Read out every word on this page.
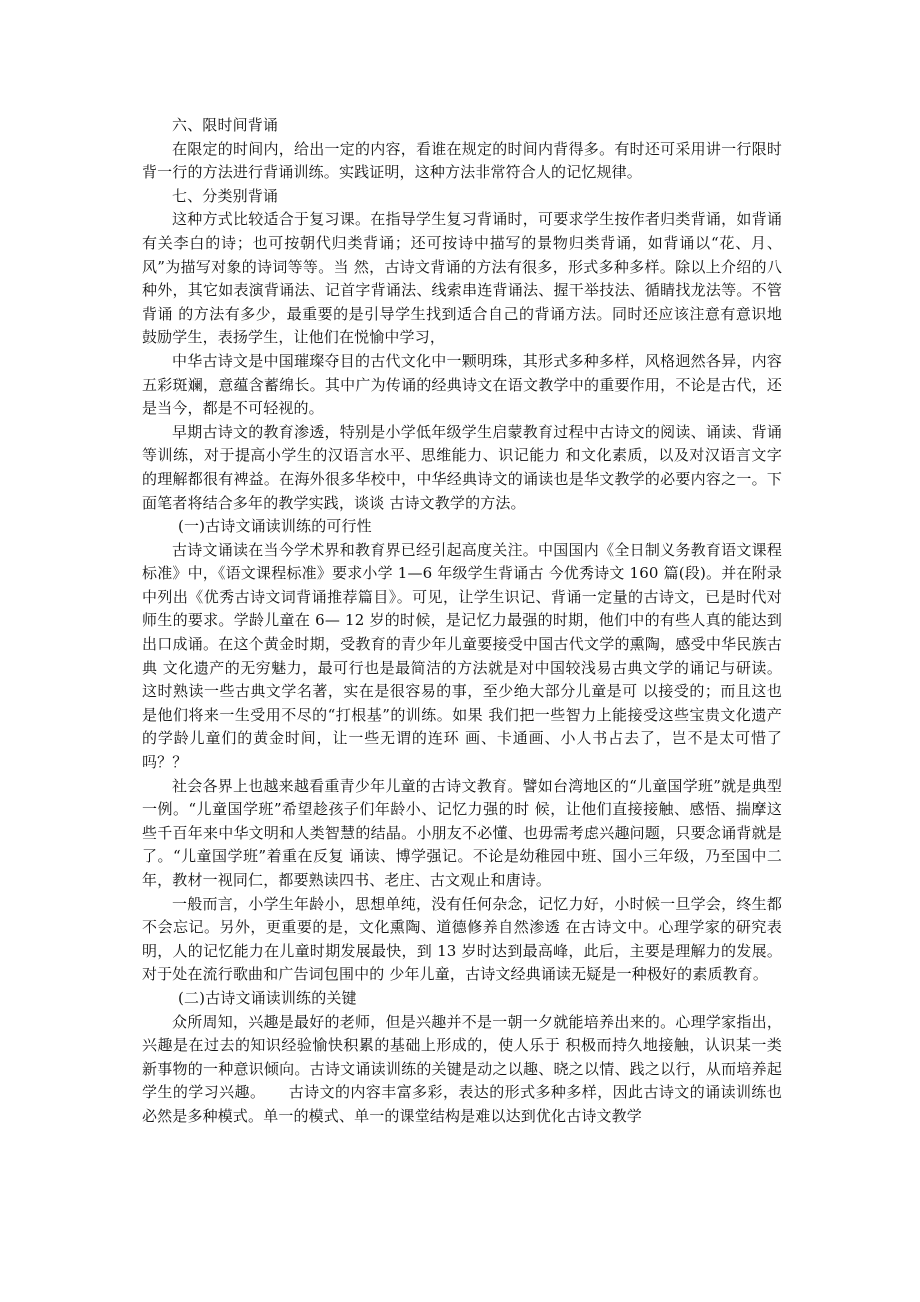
六、限时间背诵

在限定的时间内，给出一定的内容，看谁在规定的时间内背得多。有时还可采用讲一行限时背一行的方法进行背诵训练。实践证明，这种方法非常符合人的记忆规律。

七、分类别背诵

这种方式比较适合于复习课。在指导学生复习背诵时，可要求学生按作者归类背诵，如背诵有关李白的诗；也可按朝代归类背诵；还可按诗中描写的景物归类背诵，如背诵以“花、月、风”为描写对象的诗词等等。当 然，古诗文背诵的方法有很多，形式多种多样。除以上介绍的八种外，其它如表演背诵法、记首字背诵法、线索串连背诵法、握干举技法、循睛找龙法等。不管背诵 的方法有多少，最重要的是引导学生找到适合自己的背诵方法。同时还应该注意有意识地鼓励学生，表扬学生，让他们在悦愉中学习，

中华古诗文是中国璀璨夺目的古代文化中一颗明珠，其形式多种多样，风格迥然各异，内容五彩斑斓，意蕴含蓄绵长。其中广为传诵的经典诗文在语文教学中的重要作用，不论是古代，还是当今，都是不可轻视的。

早期古诗文的教育渗透，特别是小学低年级学生启蒙教育过程中古诗文的阅读、诵读、背诵等训练，对于提高小学生的汉语言水平、思维能力、识记能力 和文化素质，以及对汉语言文字的理解都很有裨益。在海外很多华校中，中华经典诗文的诵读也是华文教学的必要内容之一。下面笔者将结合多年的教学实践，谈谈 古诗文教学的方法。

(一)古诗文诵读训练的可行性

古诗文诵读在当今学术界和教育界已经引起高度关注。中国国内《全日制义务教育语文课程标准》中，《语文课程标准》要求小学 1—6 年级学生背诵古 今优秀诗文 160 篇(段)。并在附录中列出《优秀古诗文词背诵推荐篇目》。可见，让学生识记、背诵一定量的古诗文，已是时代对师生的要求。学龄儿童在 6— 12 岁的时候，是记忆力最强的时期，他们中的有些人真的能达到出口成诵。在这个黄金时期，受教育的青少年儿童要接受中国古代文学的熏陶，感受中华民族古典 文化遗产的无穷魅力，最可行也是最简洁的方法就是对中国较浅易古典文学的诵记与研读。这时熟读一些古典文学名著，实在是很容易的事，至少绝大部分儿童是可 以接受的；而且这也是他们将来一生受用不尽的“打根基”的训练。如果 我们把一些智力上能接受这些宝贵文化遗产的学龄儿童们的黄金时间，让一些无谓的连环 画、卡通画、小人书占去了，岂不是太可惜了吗？？

社会各界上也越来越看重青少年儿童的古诗文教育。譬如台湾地区的“儿童国学班”就是典型一例。“儿童国学班”希望趁孩子们年龄小、记忆力强的时 候，让他们直接接触、感悟、揣摩这些千百年来中华文明和人类智慧的结晶。小朋友不必懂、也毋需考虑兴趣问题，只要念诵背就是了。“儿童国学班”着重在反复 诵读、博学强记。不论是幼稚园中班、国小三年级，乃至国中二年，教材一视同仁，都要熟读四书、老庄、古文观止和唐诗。

一般而言，小学生年龄小，思想单纯，没有任何杂念，记忆力好，小时候一旦学会，终生都不会忘记。另外，更重要的是，文化熏陶、道德修养自然渗透 在古诗文中。心理学家的研究表明，人的记忆能力在儿童时期发展最快，到 13 岁时达到最高峰，此后，主要是理解力的发展。对于处在流行歌曲和广告词包围中的 少年儿童，古诗文经典诵读无疑是一种极好的素质教育。

(二)古诗文诵读训练的关键

众所周知，兴趣是最好的老师，但是兴趣并不是一朝一夕就能培养出来的。心理学家指出，兴趣是在过去的知识经验愉快积累的基础上形成的，使人乐于 积极而持久地接触，认识某一类新事物的一种意识倾向。古诗文诵读训练的关键是动之以趣、晓之以情、践之以行，从而培养起学生的学习兴趣。　　古诗文的内容丰富多彩，表达的形式多种多样，因此古诗文的诵读训练也必然是多种模式。单一的模式、单一的课堂结构是难以达到优化古诗文教学
